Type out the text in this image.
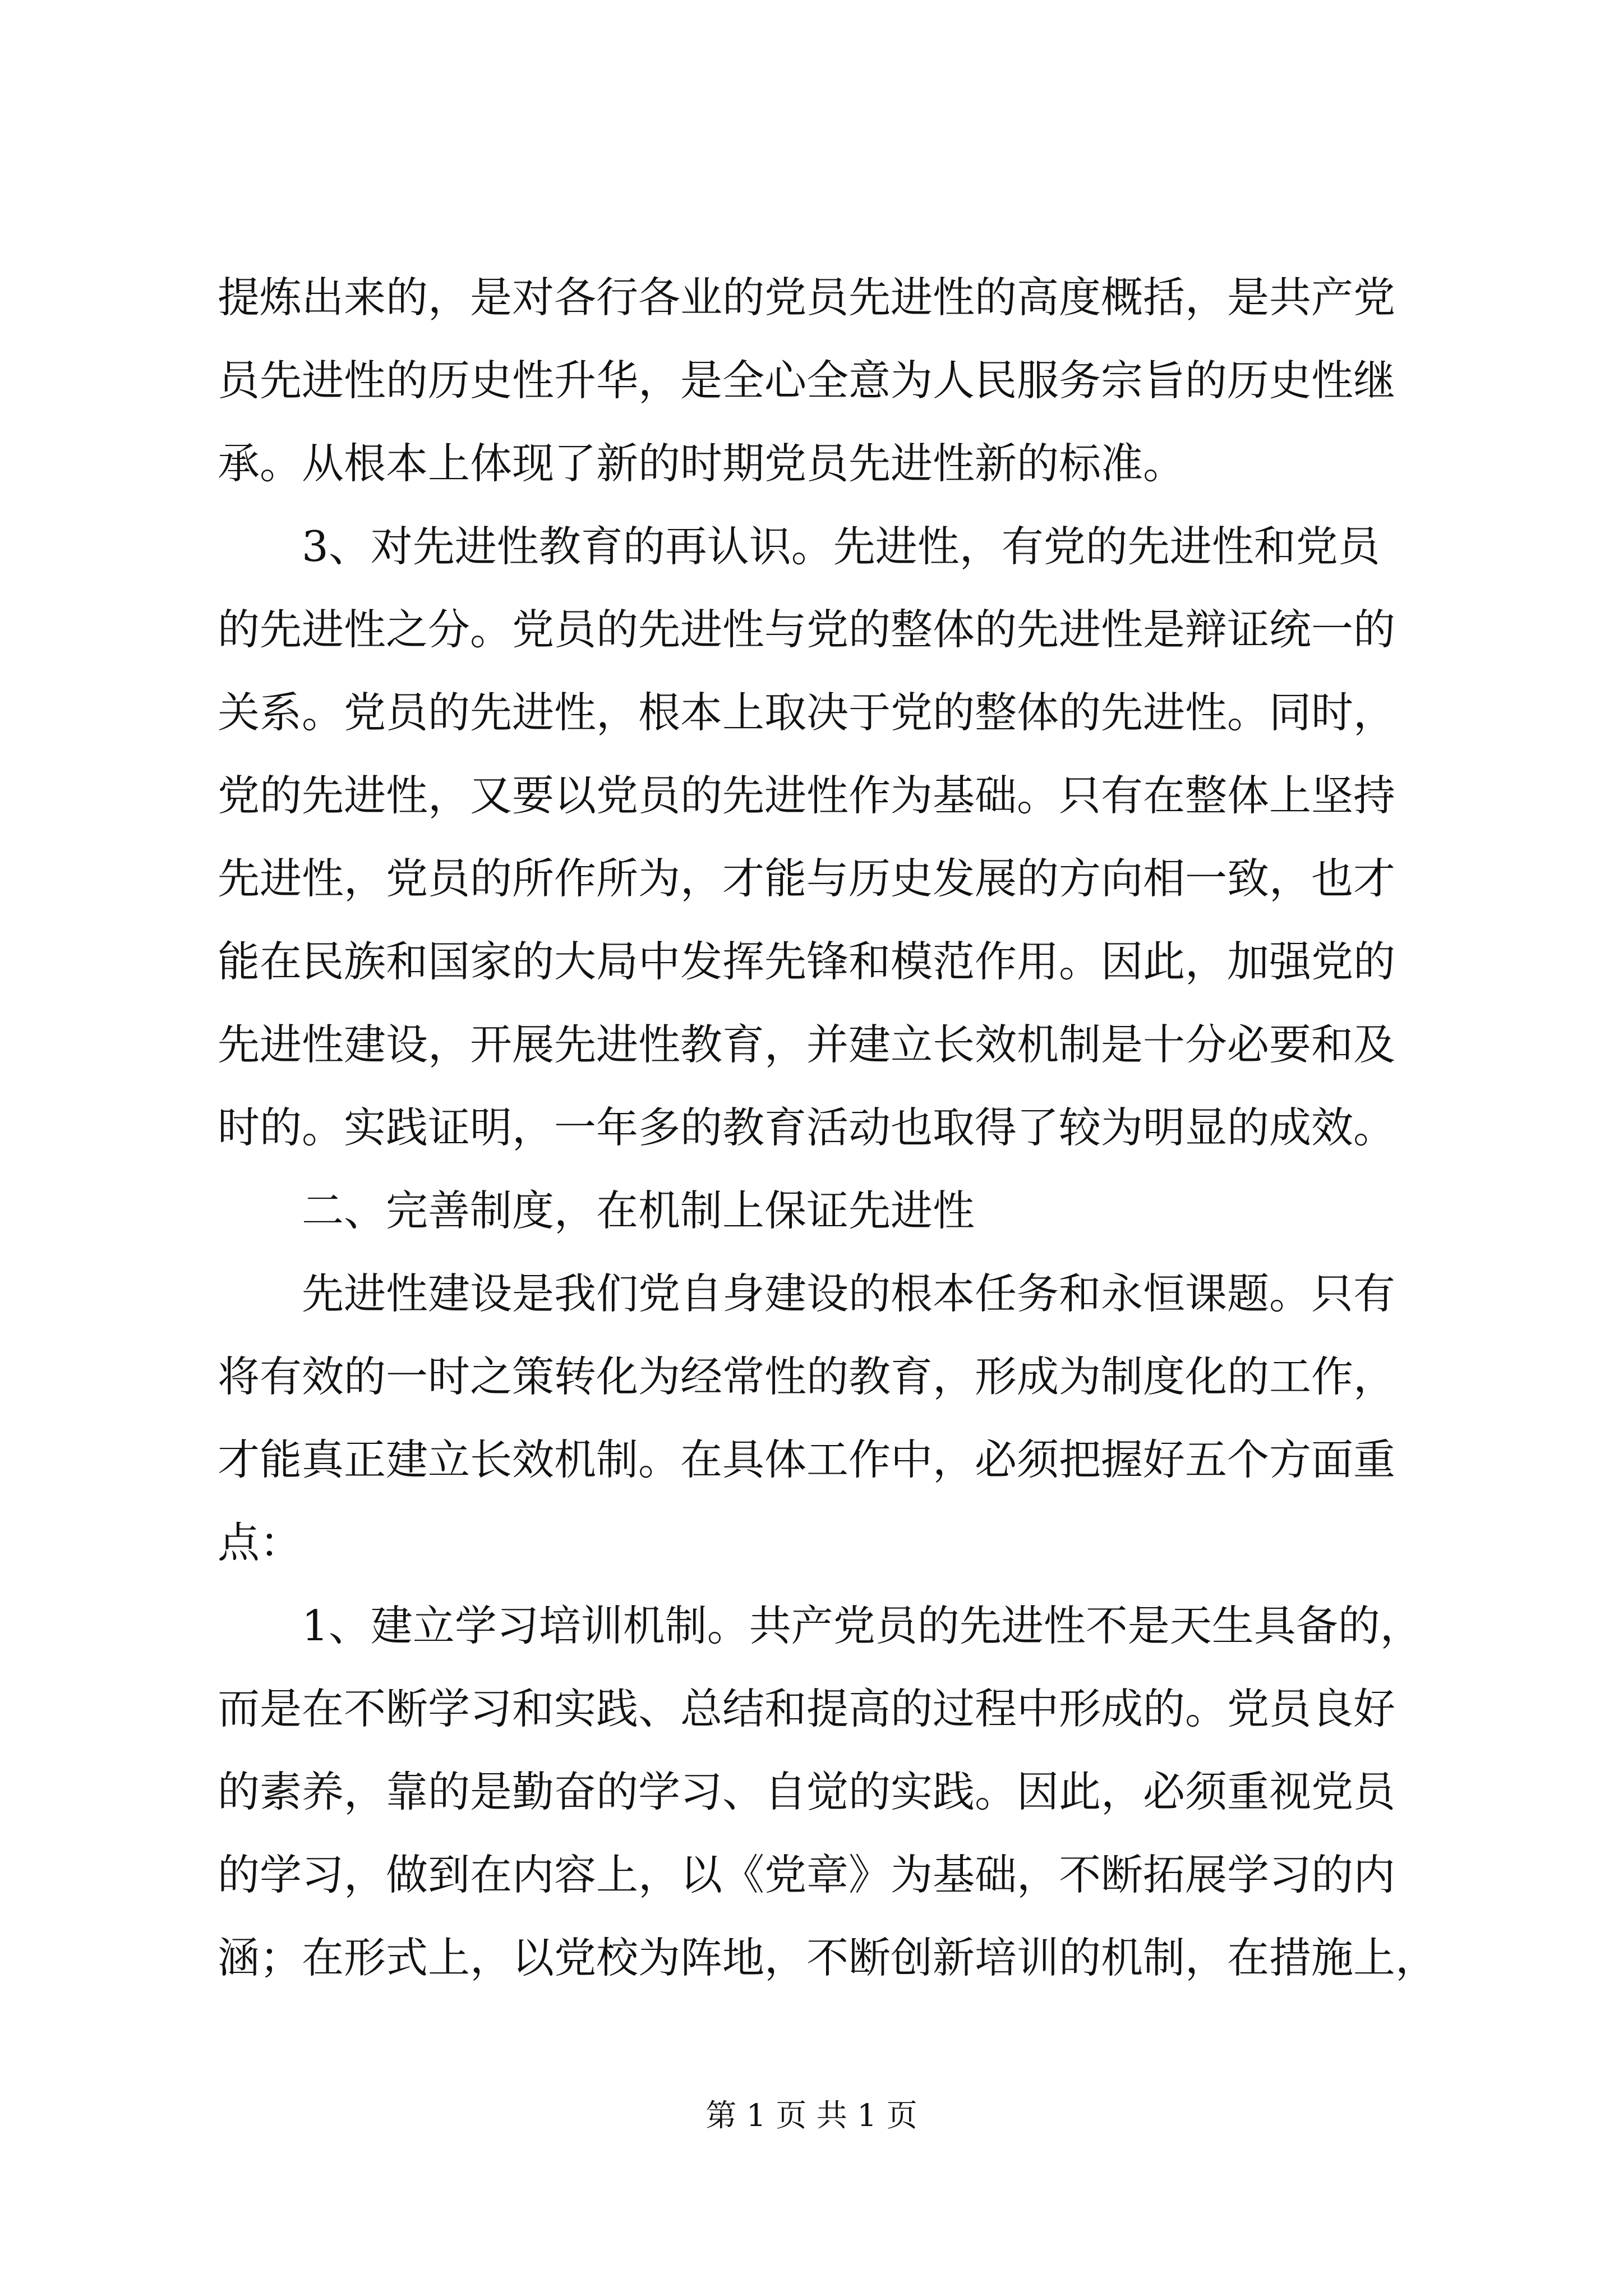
提炼出来的，是对各行各业的党员先进性的高度概括，是共产党
员先进性的历史性升华，是全心全意为人民服务宗旨的历史性继
承。从根本上体现了新的时期党员先进性新的标准。
3、对先进性教育的再认识。先进性，有党的先进性和党员
的先进性之分。党员的先进性与党的整体的先进性是辩证统一的
关系。党员的先进性，根本上取决于党的整体的先进性。同时，
党的先进性，又要以党员的先进性作为基础。只有在整体上坚持
先进性，党员的所作所为，才能与历史发展的方向相一致，也才
能在民族和国家的大局中发挥先锋和模范作用。因此，加强党的
先进性建设，开展先进性教育，并建立长效机制是十分必要和及
时的。实践证明，一年多的教育活动也取得了较为明显的成效。
二、完善制度，在机制上保证先进性
先进性建设是我们党自身建设的根本任务和永恒课题。只有
将有效的一时之策转化为经常性的教育，形成为制度化的工作，
才能真正建立长效机制。在具体工作中，必须把握好五个方面重
点：
1、建立学习培训机制。共产党员的先进性不是天生具备的，
而是在不断学习和实践、总结和提高的过程中形成的。党员良好
的素养，靠的是勤奋的学习、自觉的实践。因此，必须重视党员
的学习，做到在内容上，以《党章》为基础，不断拓展学习的内
涵；在形式上，以党校为阵地，不断创新培训的机制，在措施上，
第 1 页 共 1 页
